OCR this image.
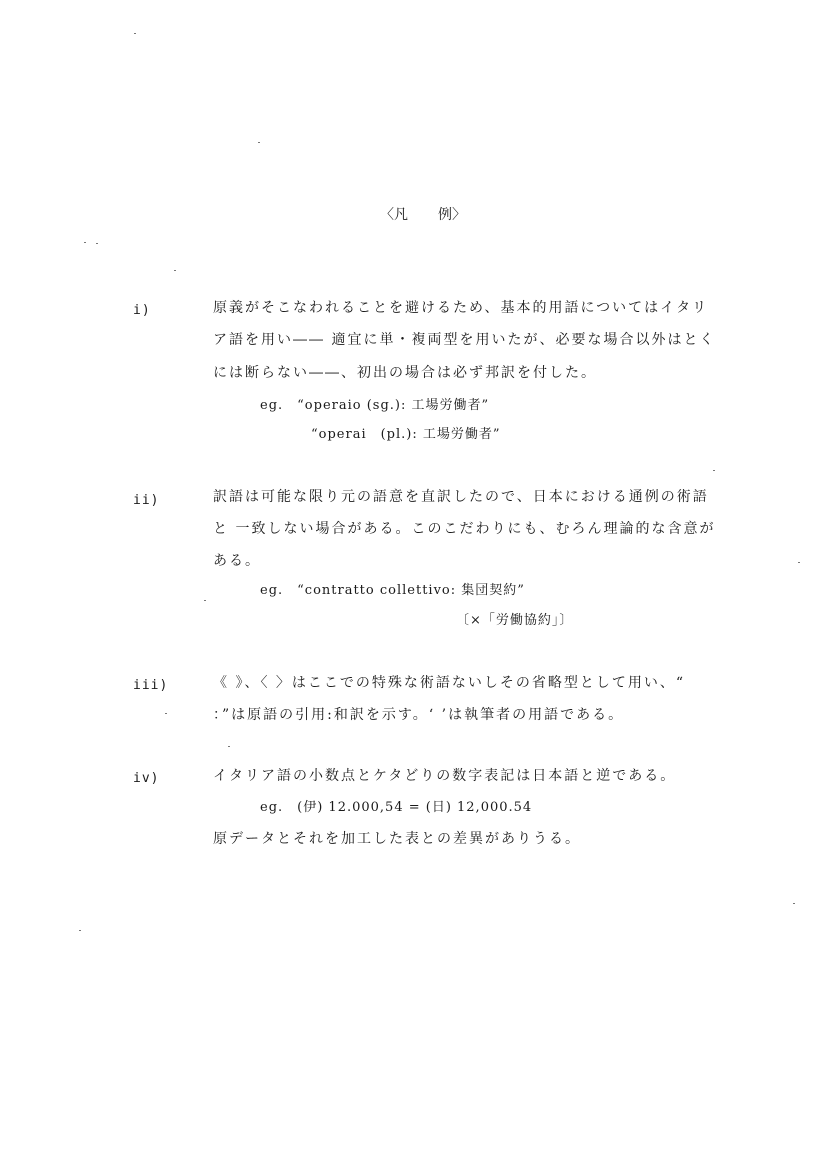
〈凡 例〉
i)	原義がそこなわれることを避けるため、基本的用語についてはイタリ
ア語を用い―― 適宜に単・複両型を用いたが、必要な場合以外はとく
には断らない――、初出の場合は必ず邦訳を付した。
eg.　“operaio (sg.): 工場労働者”
“operai　(pl.): 工場労働者”
ii)	訳語は可能な限り元の語意を直訳したので、日本における通例の術語
と 一致しない場合がある。このこだわりにも、むろん理論的な含意が
ある。
eg.　“contratto collettivo: 集団契約”
〔×「労働協約」〕
iii)	《 》、〈 〉はここでの特殊な術語ないしその省略型として用い、“
：”は原語の引用:和訳を示す。‘ ’は執筆者の用語である。
iv)	イタリア語の小数点とケタどりの数字表記は日本語と逆である。
eg.　(伊) 12.000,54 = (日) 12,000.54
原データとそれを加工した表との差異がありうる。
